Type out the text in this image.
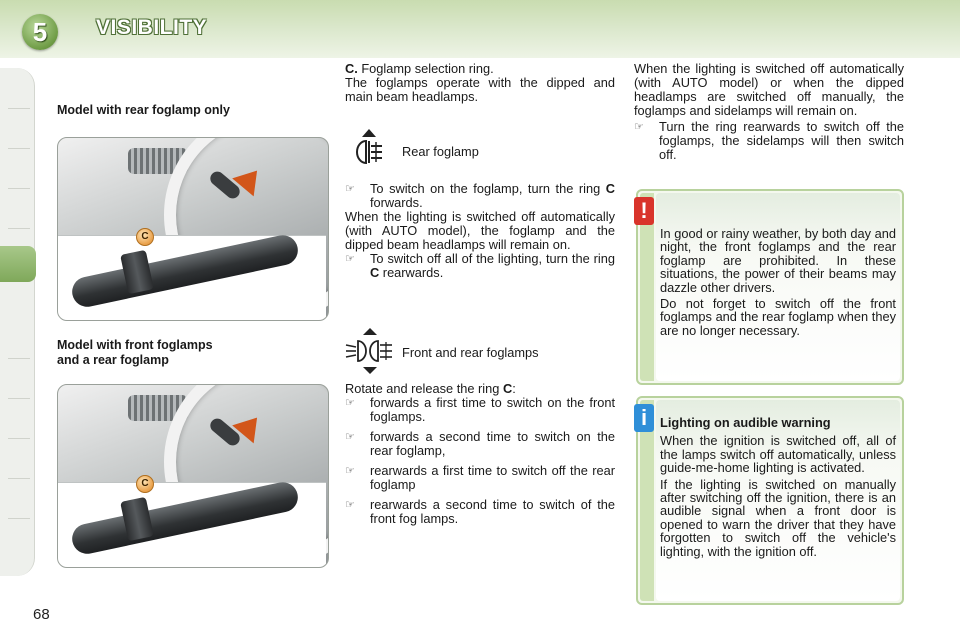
5	VISIBILITY
Model with rear foglamp only
C
Model with front foglamps
and a rear foglamp
C
68

C. Foglamp selection ring.

The foglamps operate with the dipped and main beam headlamps.

Rear foglamp

☞ To switch on the foglamp, turn the ring C forwards.

When the lighting is switched off automatically (with AUTO model), the foglamp and the dipped beam headlamps will remain on.

☞ To switch off all of the lighting, turn the ring C rearwards.

Front and rear foglamps

Rotate and release the ring C:

☞ forwards a first time to switch on the front foglamps.

☞ forwards a second time to switch on the rear foglamp,

☞ rearwards a first time to switch off the rear foglamp

☞ rearwards a second time to switch of the front fog lamps.

When the lighting is switched off automatically (with AUTO model) or when the dipped headlamps are switched off manually, the foglamps and sidelamps will remain on.

☞ Turn the ring rearwards to switch off the foglamps, the sidelamps will then switch off.

!

In good or rainy weather, by both day and night, the front foglamps and the rear foglamp are prohibited. In these situations, the power of their beams may dazzle other drivers.

Do not forget to switch off the front foglamps and the rear foglamp when they are no longer necessary.

i	Lighting on audible warning

When the ignition is switched off, all of the lamps switch off automatically, unless guide-me-home lighting is activated.

If the lighting is switched on manually after switching off the ignition, there is an audible signal when a front door is opened to warn the driver that they have forgotten to switch off the vehicle's lighting, with the ignition off.
